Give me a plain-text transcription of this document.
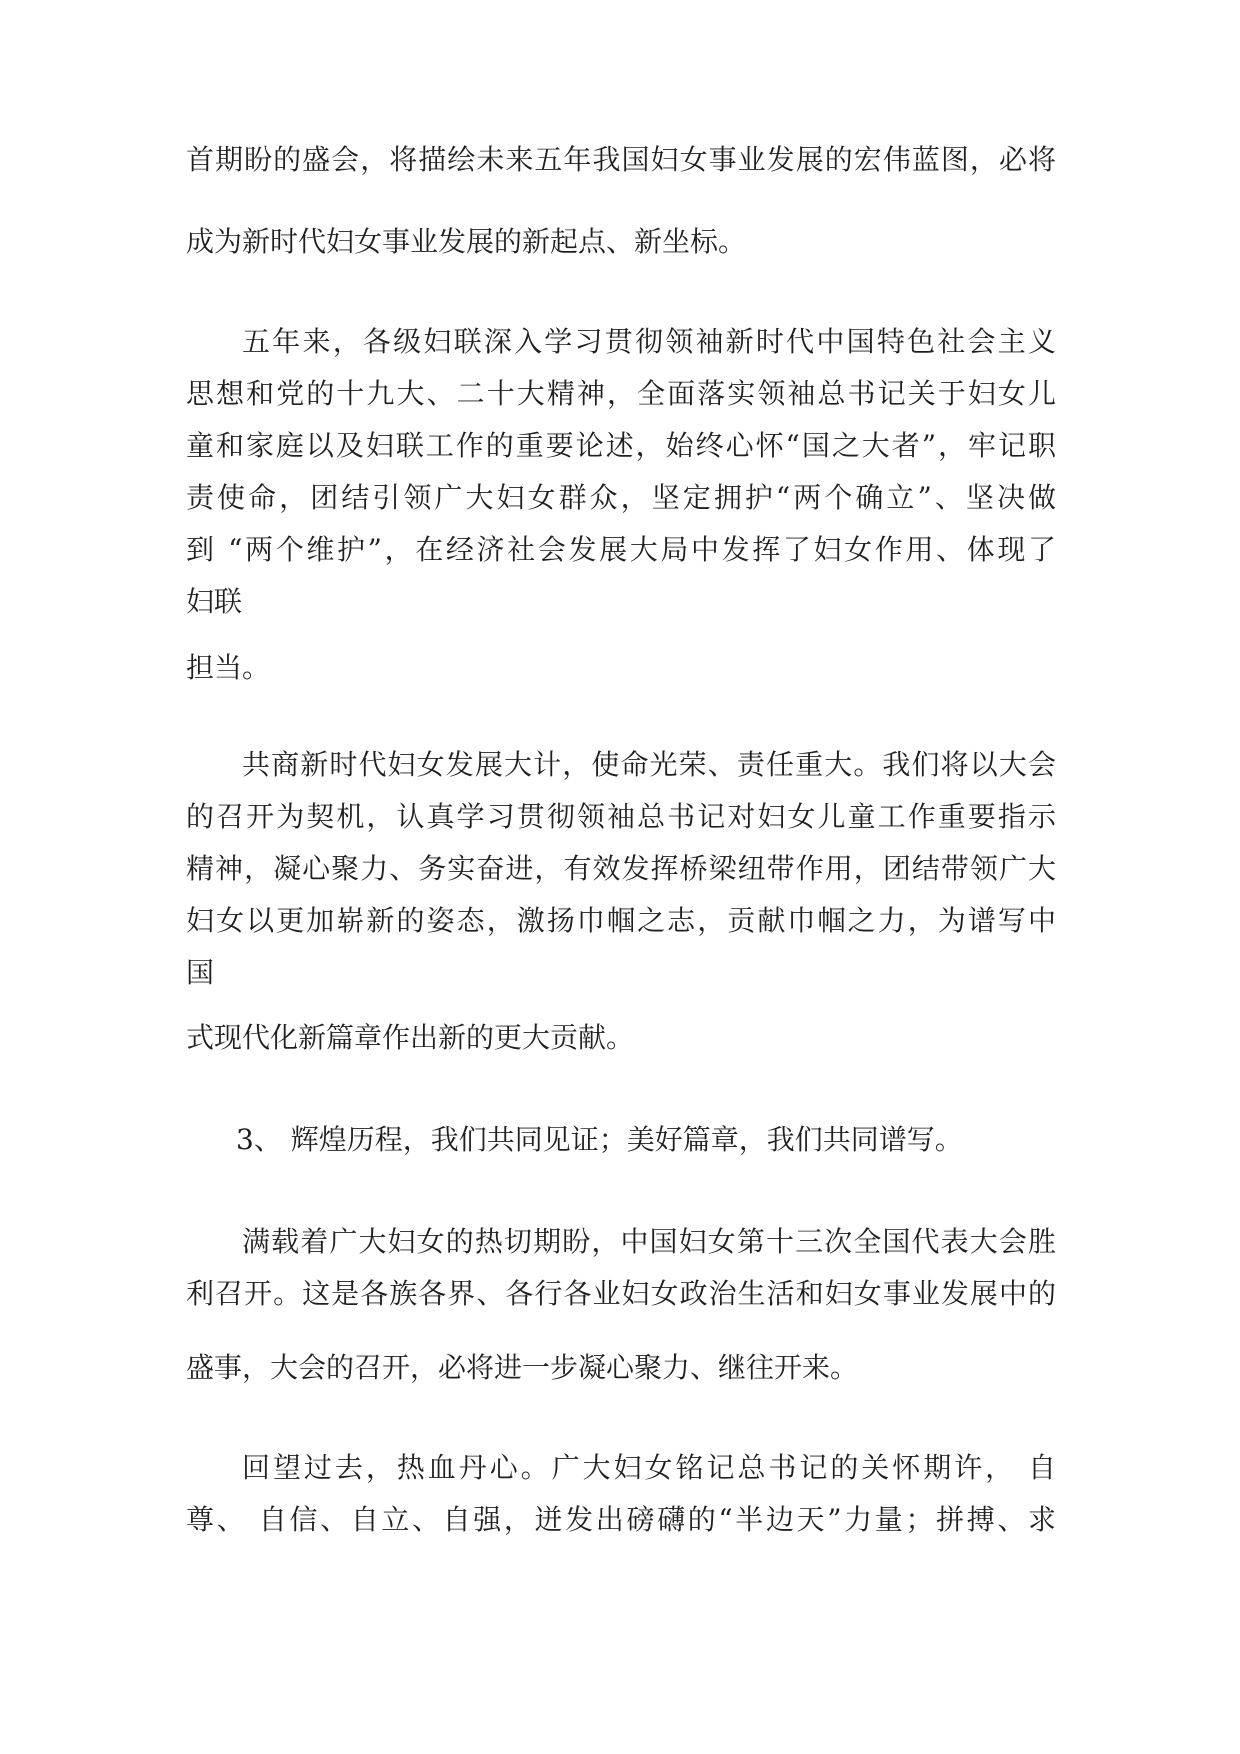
首期盼的盛会，将描绘未来五年我国妇女事业发展的宏伟蓝图，必将
成为新时代妇女事业发展的新起点、新坐标。
五年来，各级妇联深入学习贯彻领袖新时代中国特色社会主义
思想和党的十九大、二十大精神，全面落实领袖总书记关于妇女儿
童和家庭以及妇联工作的重要论述，始终心怀“国之大者”，牢记职
责使命，团结引领广大妇女群众，坚定拥护“两个确立”、坚决做
到 “两个维护”，在经济社会发展大局中发挥了妇女作用、体现了
妇联
担当。
共商新时代妇女发展大计，使命光荣、责任重大。我们将以大会
的召开为契机，认真学习贯彻领袖总书记对妇女儿童工作重要指示
精神，凝心聚力、务实奋进，有效发挥桥梁纽带作用，团结带领广大
妇女以更加崭新的姿态，激扬巾帼之志，贡献巾帼之力，为谱写中
国
式现代化新篇章作出新的更大贡献。
3、 辉煌历程，我们共同见证；美好篇章，我们共同谱写。
满载着广大妇女的热切期盼，中国妇女第十三次全国代表大会胜
利召开。这是各族各界、各行各业妇女政治生活和妇女事业发展中的
盛事，大会的召开，必将进一步凝心聚力、继往开来。
回望过去，热血丹心。广大妇女铭记总书记的关怀期许， 自
尊、 自信、自立、自强，迸发出磅礴的“半边天”力量；拼搏、求
